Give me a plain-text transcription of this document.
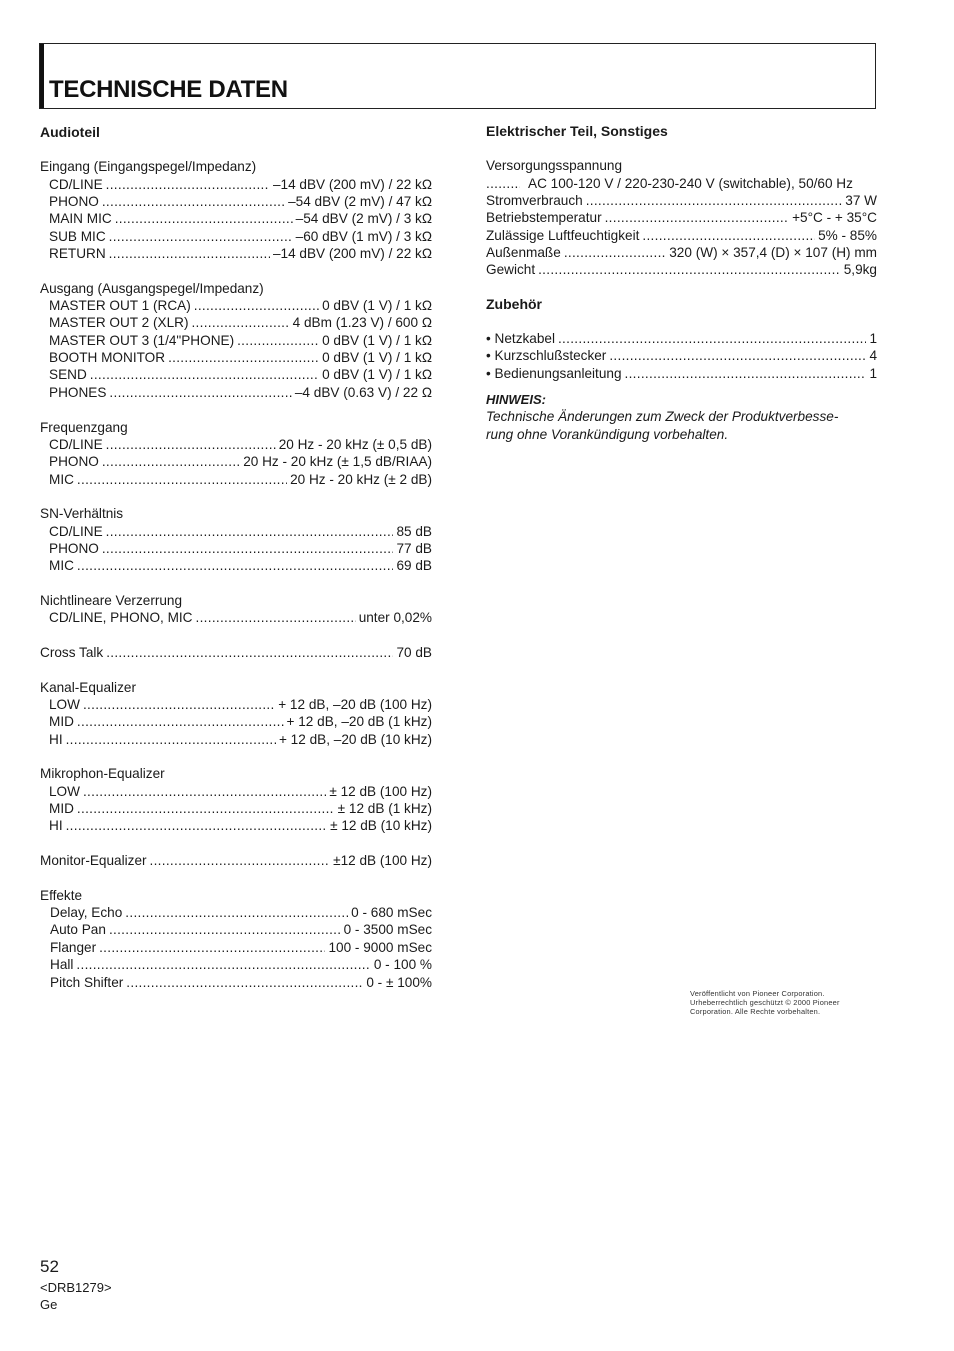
TECHNISCHE DATEN
Audioteil
Eingang (Eingangspegel/Impedanz)
CD/LINE .....	–14 dBV (200 mV) / 22 kΩ
PHONO .....	–54 dBV (2 mV) / 47 kΩ
MAIN MIC .....	–54 dBV (2 mV) / 3 kΩ
SUB MIC .....	–60 dBV (1 mV) / 3 kΩ
RETURN .....	–14 dBV (200 mV) / 22 kΩ
Ausgang (Ausgangspegel/Impedanz)
MASTER OUT 1 (RCA) .....	0 dBV (1 V) / 1 kΩ
MASTER OUT 2 (XLR) .....	4 dBm (1.23 V) / 600 Ω
MASTER OUT 3 (1/4"PHONE) .....	0 dBV (1 V) / 1 kΩ
BOOTH MONITOR .....	0 dBV (1 V) / 1 kΩ
SEND .....	0 dBV (1 V) / 1 kΩ
PHONES .....	–4 dBV (0.63 V) / 22 Ω
Frequenzgang
CD/LINE .....	20 Hz - 20 kHz (± 0,5 dB)
PHONO .....	20 Hz - 20 kHz (± 1,5 dB/RIAA)
MIC .....	20 Hz - 20 kHz (± 2 dB)
SN-Verhältnis
CD/LINE .....	85 dB
PHONO .....	77 dB
MIC .....	69 dB
Nichtlineare Verzerrung
CD/LINE, PHONO, MIC .....	unter 0,02%
Cross Talk .....	70 dB
Kanal-Equalizer
LOW .....	+ 12 dB, –20 dB (100 Hz)
MID .....	+ 12 dB, –20 dB (1 kHz)
HI .....	+ 12 dB, –20 dB (10 kHz)
Mikrophon-Equalizer
LOW .....	± 12 dB (100 Hz)
MID .....	± 12 dB (1 kHz)
HI .....	± 12 dB (10 kHz)
Monitor-Equalizer .....	±12 dB (100 Hz)
Effekte
Delay, Echo .....	0 - 680 mSec
Auto Pan .....	0 - 3500 mSec
Flanger .....	100 - 9000 mSec
Hall .....	0 - 100 %
Pitch Shifter .....	0 - ± 100%
Elektrischer Teil, Sonstiges
Versorgungsspannung
.....
AC 100-120 V / 220-230-240 V (switchable), 50/60 Hz
Stromverbrauch .....	37 W
Betriebstemperatur .....	+5°C - + 35°C
Zulässige Luftfeuchtigkeit .....	5% - 85%
Außenmaße .....	320 (W) × 357,4 (D) × 107 (H) mm
Gewicht .....	5,9kg
Zubehör
• Netzkabel .....	1
• Kurzschlußstecker .....	4
• Bedienungsanleitung .....	1
HINWEIS:
Technische Änderungen zum Zweck der Produktverbesse-
rung ohne Vorankündigung vorbehalten.
Veröffentlicht von Pioneer Corporation.
Urheberrechtlich geschützt © 2000 Pioneer
Corporation. Alle Rechte vorbehalten.
52
<DRB1279>
Ge
